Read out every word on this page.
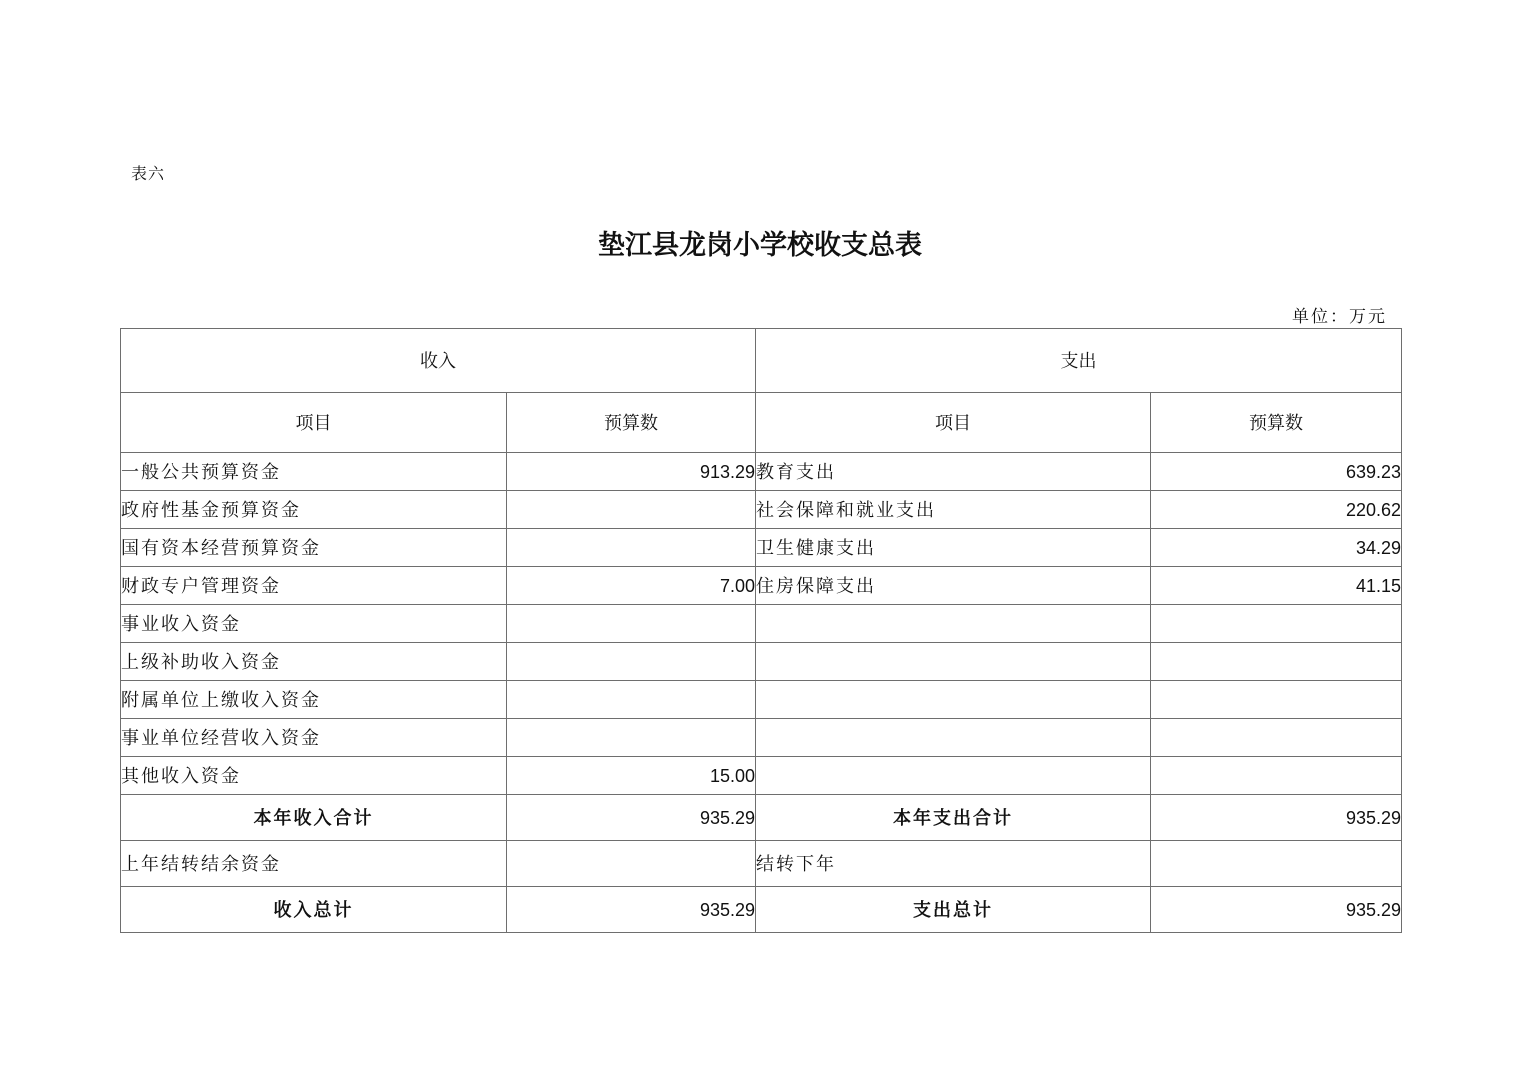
表六
垫江县龙岗小学校收支总表
单位：万元
收入		支出	
项目	预算数	项目	预算数
一般公共预算资金	913.29	教育支出	639.23
政府性基金预算资金		社会保障和就业支出	220.62
国有资本经营预算资金		卫生健康支出	34.29
财政专户管理资金	7.00	住房保障支出	41.15
事业收入资金			
上级补助收入资金			
附属单位上缴收入资金			
事业单位经营收入资金			
其他收入资金	15.00		
本年收入合计	935.29	本年支出合计	935.29
上年结转结余资金		结转下年	
收入总计	935.29	支出总计	935.29
